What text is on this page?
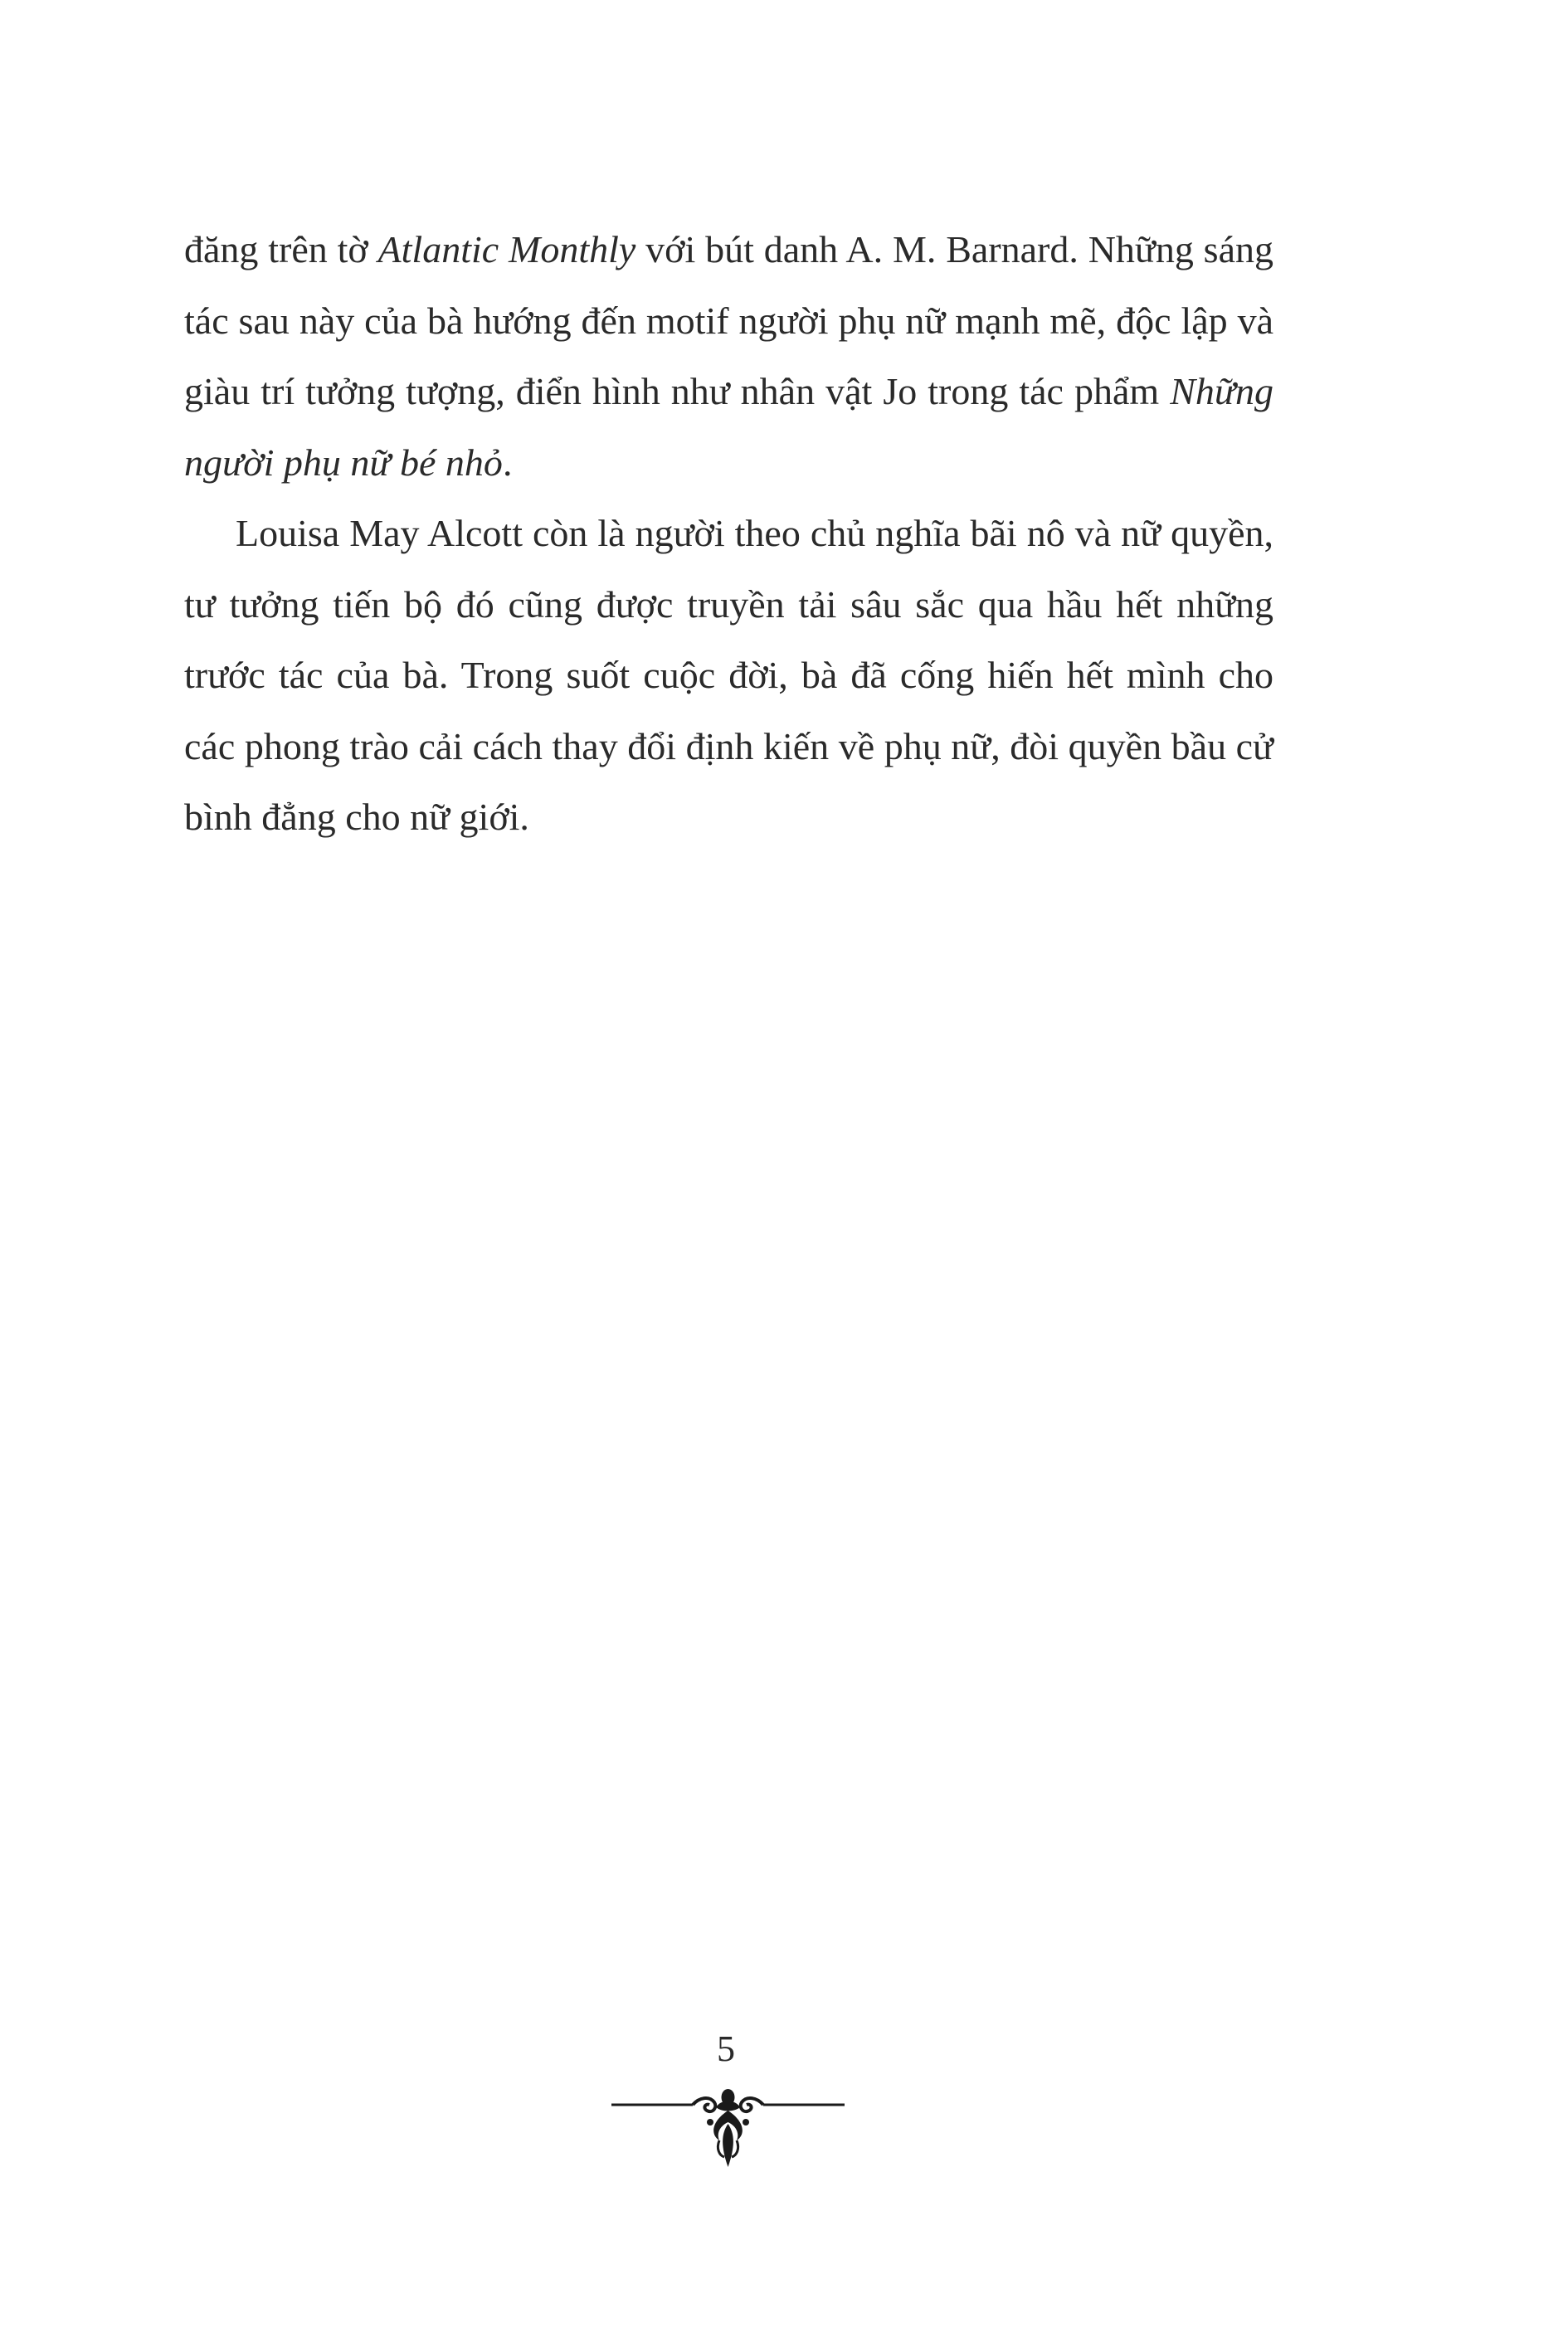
đăng trên tờ Atlantic Monthly với bút danh A. M. Barnard. Những sáng tác sau này của bà hướng đến motif người phụ nữ mạnh mẽ, độc lập và giàu trí tưởng tượng, điển hình như nhân vật Jo trong tác phẩm Những người phụ nữ bé nhỏ.

Louisa May Alcott còn là người theo chủ nghĩa bãi nô và nữ quyền, tư tưởng tiến bộ đó cũng được truyền tải sâu sắc qua hầu hết những trước tác của bà. Trong suốt cuộc đời, bà đã cống hiến hết mình cho các phong trào cải cách thay đổi định kiến về phụ nữ, đòi quyền bầu cử bình đẳng cho nữ giới.

5
